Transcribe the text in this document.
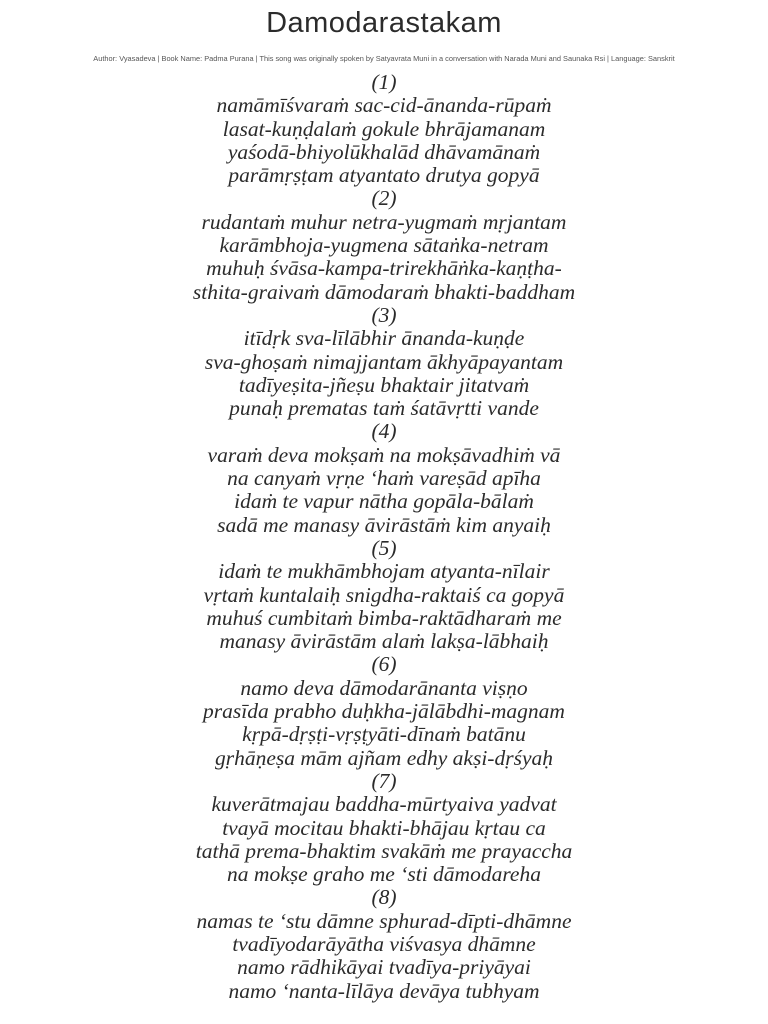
Damodarastakam

Author: Vyasadeva | Book Name: Padma Purana | This song was originally spoken by Satyavrata Muni in a conversation with Narada Muni and Saunaka Rsi | Language: Sanskrit

(1)
namāmīśvaraṁ sac-cid-ānanda-rūpaṁ
lasat-kuṇḍalaṁ gokule bhrājamanam
yaśodā-bhiyolūkhalād dhāvamānaṁ
parāmṛṣṭam atyantato drutya gopyā
(2)
rudantaṁ muhur netra-yugmaṁ mṛjantam
karāmbhoja-yugmena sātaṅka-netram
muhuḥ śvāsa-kampa-trirekhāṅka-kaṇṭha-
sthita-graivaṁ dāmodaraṁ bhakti-baddham
(3)
itīdṛk sva-līlābhir ānanda-kuṇḍe
sva-ghoṣaṁ nimajjantam ākhyāpayantam
tadīyeṣita-jñeṣu bhaktair jitatvaṁ
punaḥ prematas taṁ śatāvṛtti vande
(4)
varaṁ deva mokṣaṁ na mokṣāvadhiṁ vā
na canyaṁ vṛṇe ‘haṁ vareṣād apīha
idaṁ te vapur nātha gopāla-bālaṁ
sadā me manasy āvirāstāṁ kim anyaiḥ
(5)
idaṁ te mukhāmbhojam atyanta-nīlair
vṛtaṁ kuntalaiḥ snigdha-raktaiś ca gopyā
muhuś cumbitaṁ bimba-raktādharaṁ me
manasy āvirāstām alaṁ lakṣa-lābhaiḥ
(6)
namo deva dāmodarānanta viṣṇo
prasīda prabho duḥkha-jālābdhi-magnam
kṛpā-dṛṣṭi-vṛṣṭyāti-dīnaṁ batānu
gṛhāṇeṣa mām ajñam edhy akṣi-dṛśyaḥ
(7)
kuverātmajau baddha-mūrtyaiva yadvat
tvayā mocitau bhakti-bhājau kṛtau ca
tathā prema-bhaktim svakāṁ me prayaccha
na mokṣe graho me ‘sti dāmodareha
(8)
namas te ‘stu dāmne sphurad-dīpti-dhāmne
tvadīyodarāyātha viśvasya dhāmne
namo rādhikāyai tvadīya-priyāyai
namo ‘nanta-līlāya devāya tubhyam
